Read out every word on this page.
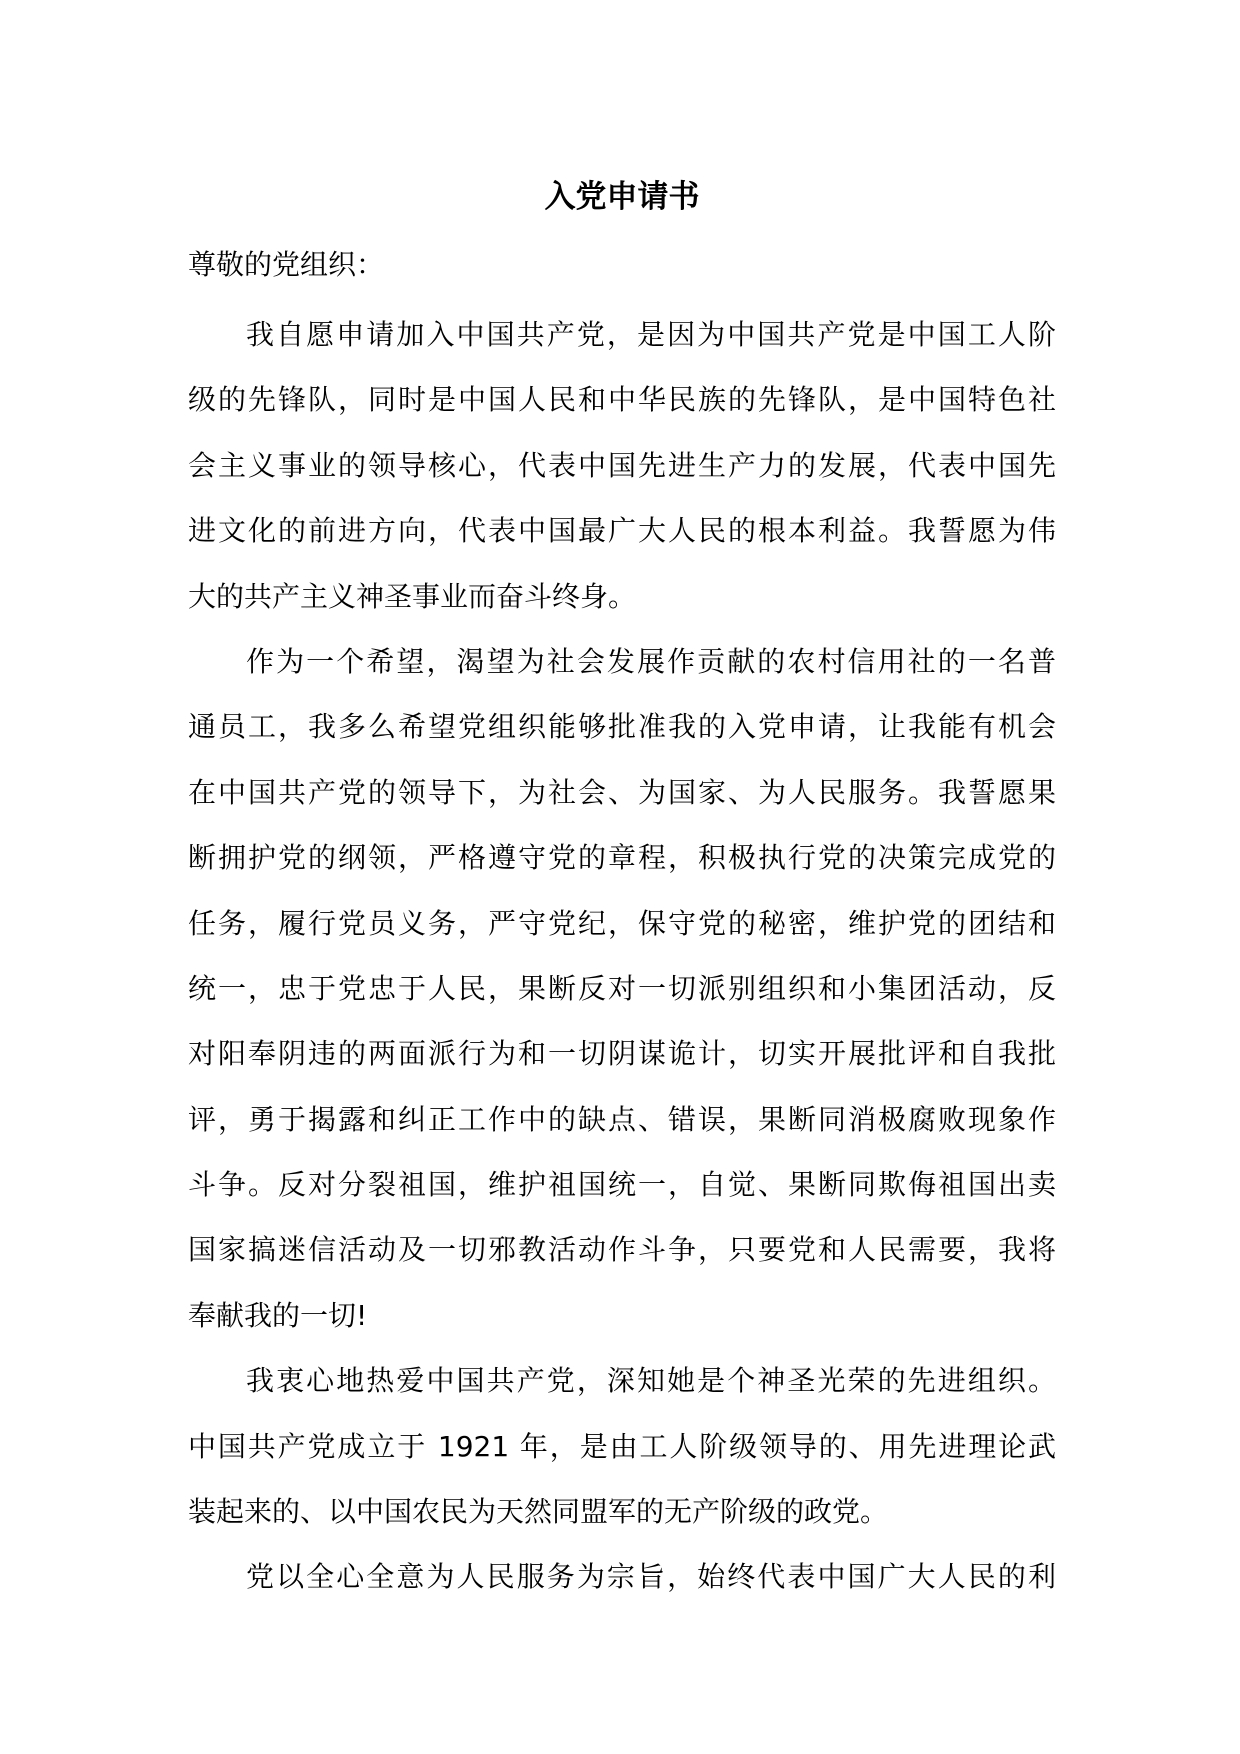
入党申请书

尊敬的党组织：

我自愿申请加入中国共产党，是因为中国共产党是中国工人阶
级的先锋队，同时是中国人民和中华民族的先锋队，是中国特色社
会主义事业的领导核心，代表中国先进生产力的发展，代表中国先
进文化的前进方向，代表中国最广大人民的根本利益。我誓愿为伟
大的共产主义神圣事业而奋斗终身。
作为一个希望，渴望为社会发展作贡献的农村信用社的一名普
通员工，我多么希望党组织能够批准我的入党申请，让我能有机会
在中国共产党的领导下，为社会、为国家、为人民服务。我誓愿果
断拥护党的纲领，严格遵守党的章程，积极执行党的决策完成党的
任务，履行党员义务，严守党纪，保守党的秘密，维护党的团结和
统一，忠于党忠于人民，果断反对一切派别组织和小集团活动，反
对阳奉阴违的两面派行为和一切阴谋诡计，切实开展批评和自我批
评，勇于揭露和纠正工作中的缺点、错误，果断同消极腐败现象作
斗争。反对分裂祖国，维护祖国统一，自觉、果断同欺侮祖国出卖
国家搞迷信活动及一切邪教活动作斗争，只要党和人民需要，我将
奉献我的一切!
我衷心地热爱中国共产党，深知她是个神圣光荣的先进组织。
中国共产党成立于 1921 年，是由工人阶级领导的、用先进理论武
装起来的、以中国农民为天然同盟军的无产阶级的政党。
党以全心全意为人民服务为宗旨，始终代表中国广大人民的利
